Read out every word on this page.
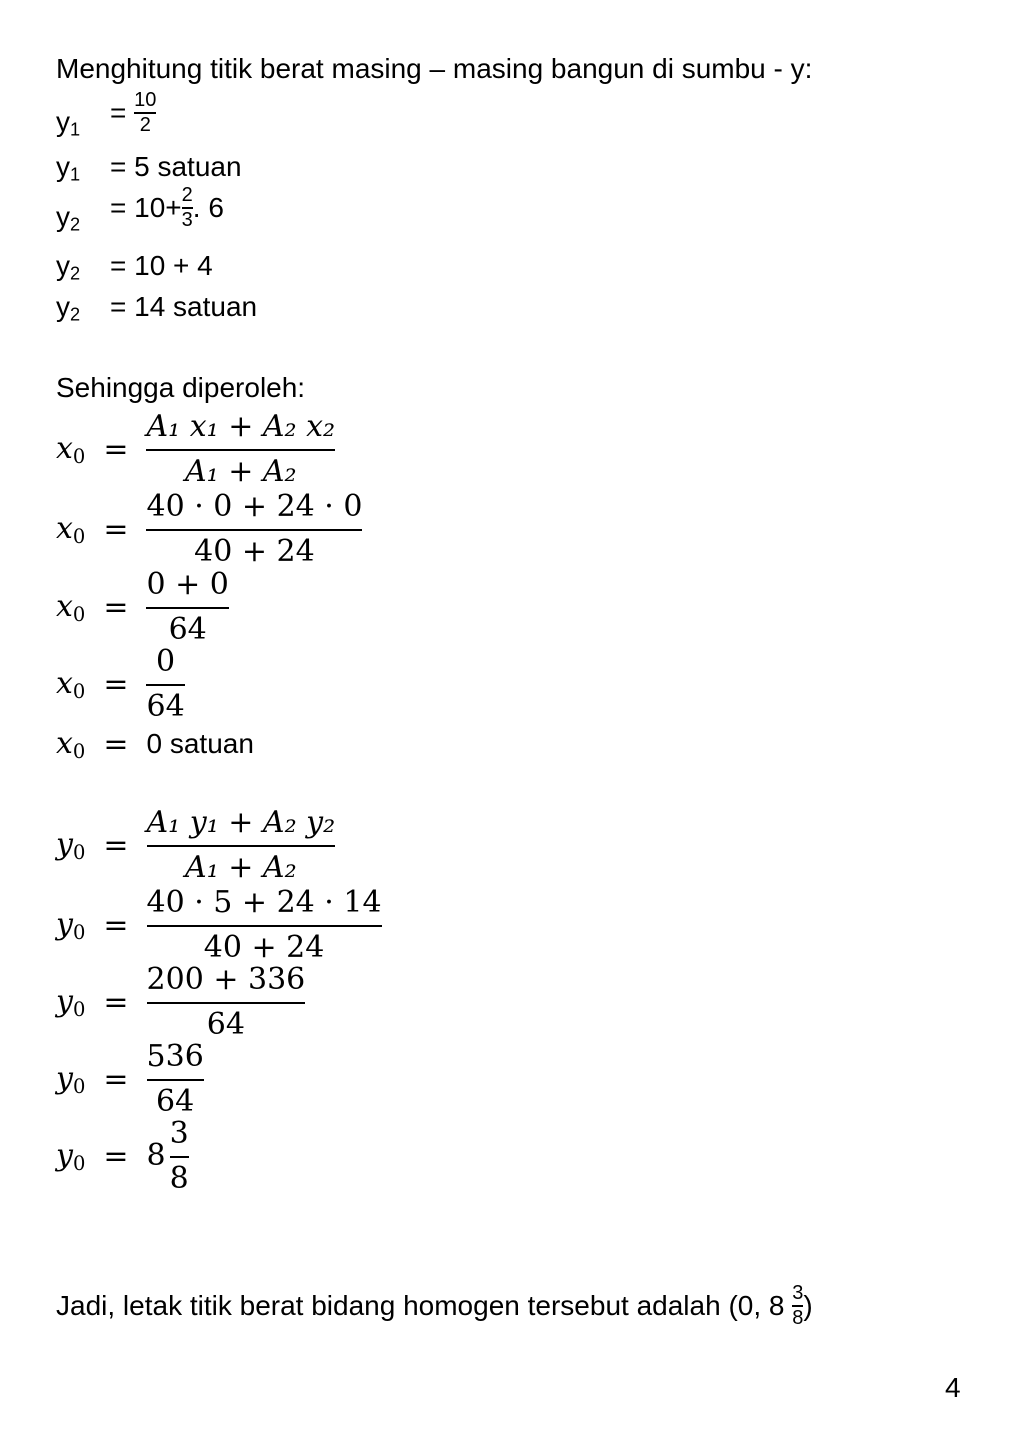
Menghitung titik berat masing – masing bangun di sumbu - y:
$y_1$
= $\frac{10}{2}$
$y_1 = 5$ satuan
$y_2$
= $10+ \frac{2}{3}$ . 6
$y_2 = 10 + 4$
$y_2 = 14$ satuan
Sehingga diperoleh:
$x_0 = \frac{\text{A₁ x₁ + A₂ x₂}}{\text{A₁ + A₂}}$
$x_0 = \frac{40 \cdot 0 + 24 \cdot 0}{40 + 24}$
$x_0 = \frac{0 + 0}{64}$
$x_0 = \frac{0}{64}$
$x_0 = 0$ satuan
$y_0 = \frac{\text{A₁ y₁ + A₂ y₂}}{\text{A₁ + A₂}}$
$y_0 = \frac{40 \cdot 5 + 24 \cdot 14}{40 + 24}$
$y_0 = \frac{200 + 336}{64}$
$y_0 = \frac{536}{64}$
$y_0 = 8 \frac{3}{8}$
Jadi, letak titik berat bidang homogen tersebut adalah (0, $8 \frac{3}{8}$ )
4
